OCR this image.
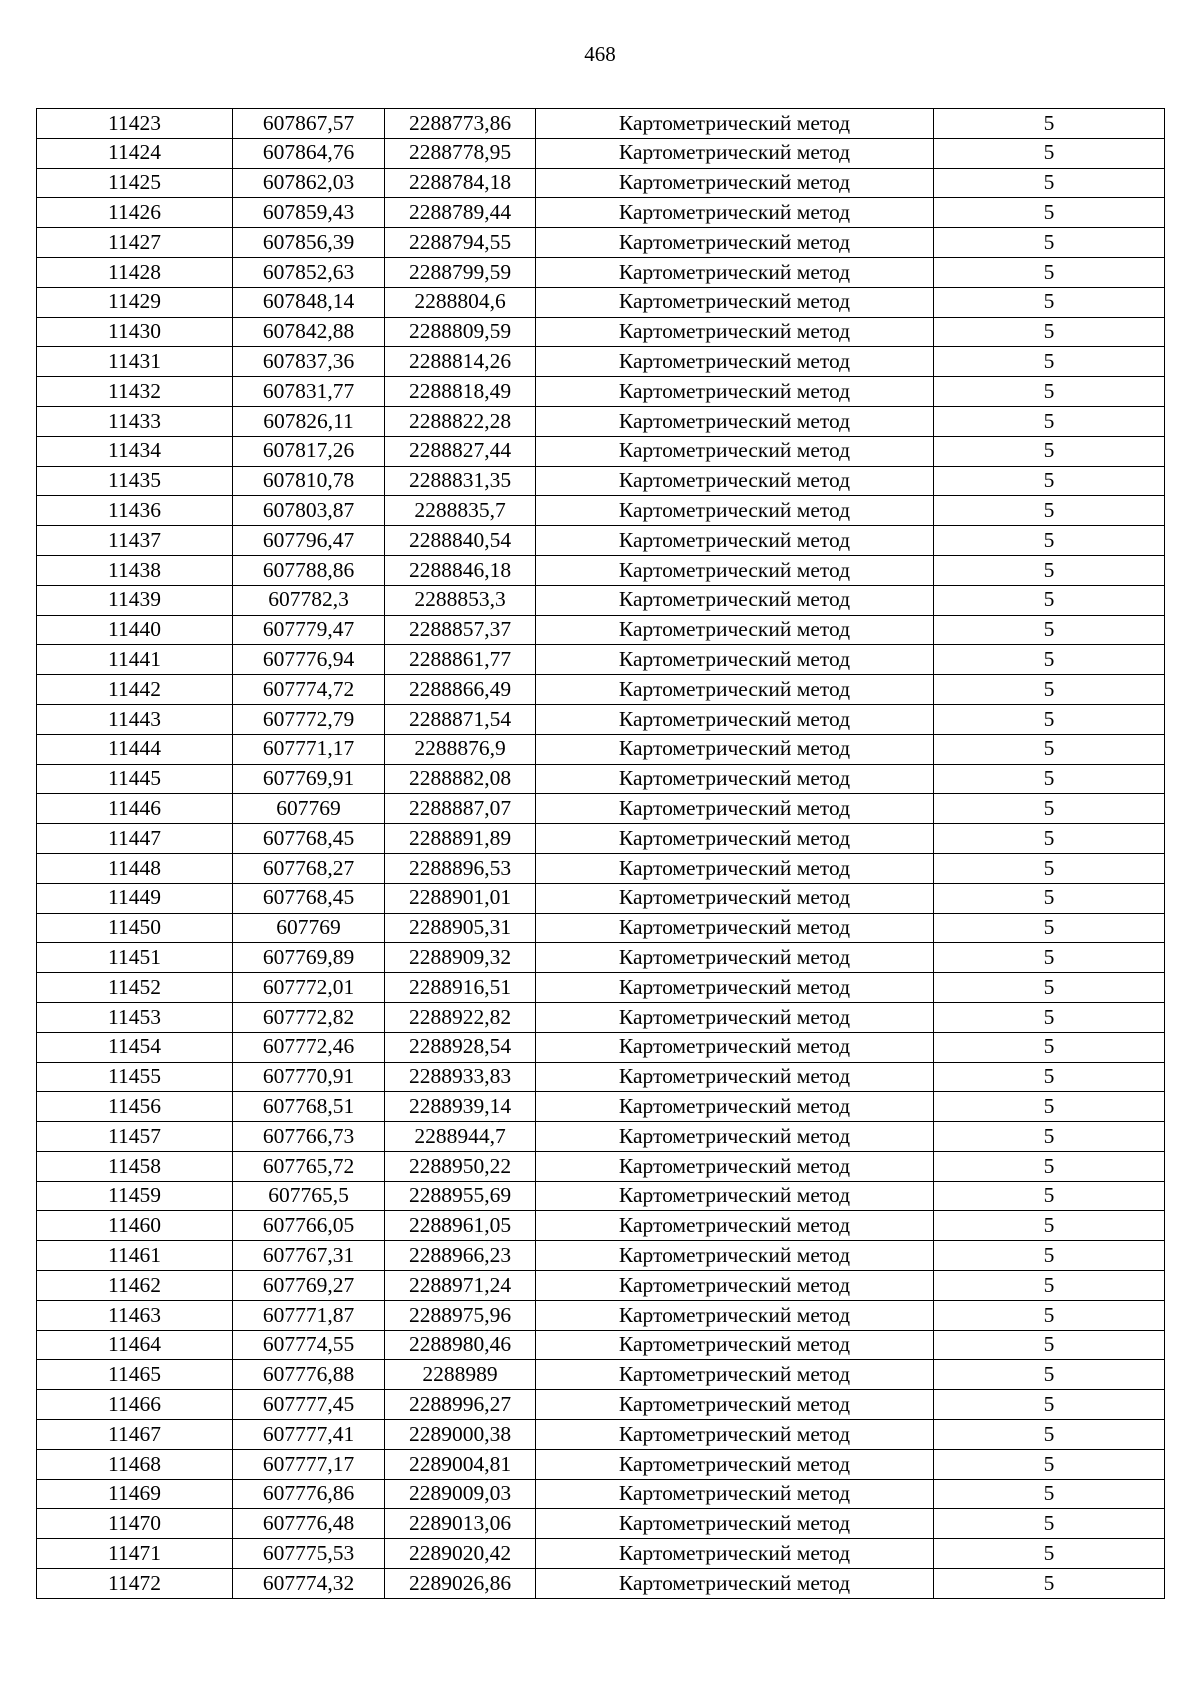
468
11423	607867,57	2288773,86	Картометрический метод	5
11424	607864,76	2288778,95	Картометрический метод	5
11425	607862,03	2288784,18	Картометрический метод	5
11426	607859,43	2288789,44	Картометрический метод	5
11427	607856,39	2288794,55	Картометрический метод	5
11428	607852,63	2288799,59	Картометрический метод	5
11429	607848,14	2288804,6	Картометрический метод	5
11430	607842,88	2288809,59	Картометрический метод	5
11431	607837,36	2288814,26	Картометрический метод	5
11432	607831,77	2288818,49	Картометрический метод	5
11433	607826,11	2288822,28	Картометрический метод	5
11434	607817,26	2288827,44	Картометрический метод	5
11435	607810,78	2288831,35	Картометрический метод	5
11436	607803,87	2288835,7	Картометрический метод	5
11437	607796,47	2288840,54	Картометрический метод	5
11438	607788,86	2288846,18	Картометрический метод	5
11439	607782,3	2288853,3	Картометрический метод	5
11440	607779,47	2288857,37	Картометрический метод	5
11441	607776,94	2288861,77	Картометрический метод	5
11442	607774,72	2288866,49	Картометрический метод	5
11443	607772,79	2288871,54	Картометрический метод	5
11444	607771,17	2288876,9	Картометрический метод	5
11445	607769,91	2288882,08	Картометрический метод	5
11446	607769	2288887,07	Картометрический метод	5
11447	607768,45	2288891,89	Картометрический метод	5
11448	607768,27	2288896,53	Картометрический метод	5
11449	607768,45	2288901,01	Картометрический метод	5
11450	607769	2288905,31	Картометрический метод	5
11451	607769,89	2288909,32	Картометрический метод	5
11452	607772,01	2288916,51	Картометрический метод	5
11453	607772,82	2288922,82	Картометрический метод	5
11454	607772,46	2288928,54	Картометрический метод	5
11455	607770,91	2288933,83	Картометрический метод	5
11456	607768,51	2288939,14	Картометрический метод	5
11457	607766,73	2288944,7	Картометрический метод	5
11458	607765,72	2288950,22	Картометрический метод	5
11459	607765,5	2288955,69	Картометрический метод	5
11460	607766,05	2288961,05	Картометрический метод	5
11461	607767,31	2288966,23	Картометрический метод	5
11462	607769,27	2288971,24	Картометрический метод	5
11463	607771,87	2288975,96	Картометрический метод	5
11464	607774,55	2288980,46	Картометрический метод	5
11465	607776,88	2288989	Картометрический метод	5
11466	607777,45	2288996,27	Картометрический метод	5
11467	607777,41	2289000,38	Картометрический метод	5
11468	607777,17	2289004,81	Картометрический метод	5
11469	607776,86	2289009,03	Картометрический метод	5
11470	607776,48	2289013,06	Картометрический метод	5
11471	607775,53	2289020,42	Картометрический метод	5
11472	607774,32	2289026,86	Картометрический метод	5
